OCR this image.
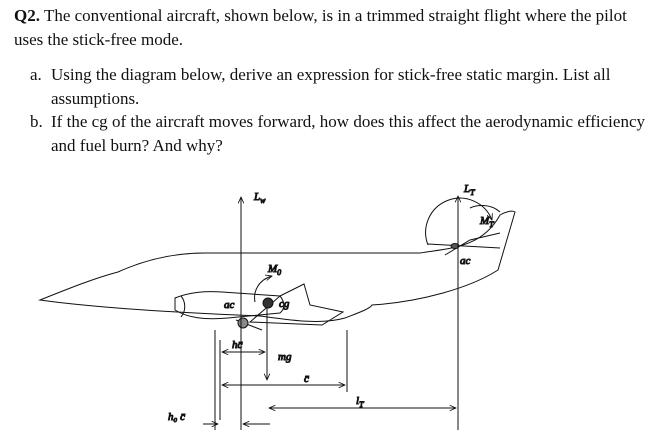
Q2. The conventional aircraft, shown below, is in a trimmed straight flight where the pilot uses the stick-free mode.

a. Using the diagram below, derive an expression for stick-free static margin. List all assumptions.
b. If the cg of the aircraft moves forward, how does this affect the aerodynamic efficiency and fuel burn? And why?
$L_w$
$L_T$
$M_T$
$M_0$
ac
ac	cg
hc̄
mg
c̄
$l_T$
h₀ c̄
